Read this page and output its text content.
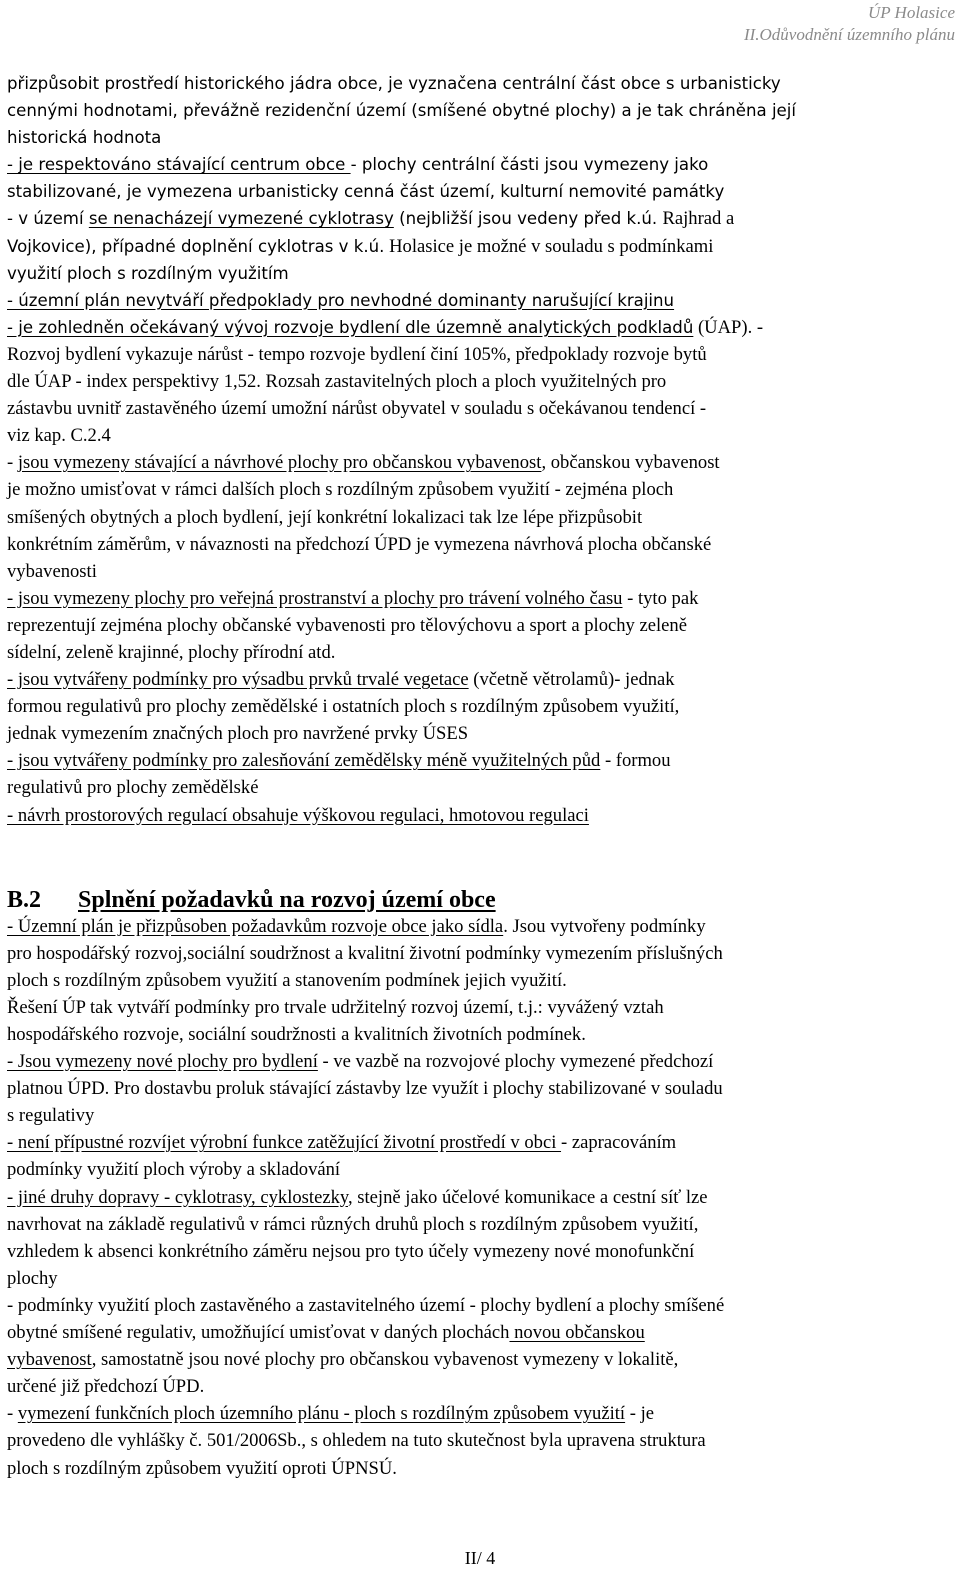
ÚP Holasice
II.Odůvodnění územního plánu
přizpůsobit prostředí historického jádra obce, je vyznačena centrální část obce s urbanisticky
cennými hodnotami, převážně rezidenční území (smíšené obytné plochy) a je tak chráněna její
historická hodnota
- je respektováno stávající centrum obce - plochy centrální části jsou vymezeny jako
stabilizované, je vymezena urbanisticky cenná část území, kulturní nemovité památky
- v území se nenacházejí vymezené cyklotrasy (nejbližší jsou vedeny před k.ú. Rajhrad a
Vojkovice), případné doplnění cyklotras v k.ú. Holasice je možné v souladu s podmínkami
využití ploch s rozdílným využitím
- územní plán nevytváří předpoklady pro nevhodné dominanty narušující krajinu
- je zohledněn očekávaný vývoj rozvoje bydlení dle územně analytických podkladů (ÚAP). -
Rozvoj bydlení vykazuje nárůst - tempo rozvoje bydlení činí 105%, předpoklady rozvoje bytů
dle ÚAP - index perspektivy 1,52. Rozsah zastavitelných ploch a ploch využitelných pro
zástavbu uvnitř zastavěného území umožní nárůst obyvatel v souladu s očekávanou tendencí -
viz kap. C.2.4
- jsou vymezeny stávající a návrhové plochy pro občanskou vybavenost, občanskou vybavenost
je možno umisťovat v rámci dalších ploch s rozdílným způsobem využití - zejména ploch
smíšených obytných a ploch bydlení, její konkrétní lokalizaci tak lze lépe přizpůsobit
konkrétním záměrům, v návaznosti na předchozí ÚPD je vymezena návrhová plocha občanské
vybavenosti
- jsou vymezeny plochy pro veřejná prostranství a plochy pro trávení volného času - tyto pak
reprezentují zejména plochy občanské vybavenosti pro tělovýchovu a sport a plochy zeleně
sídelní, zeleně krajinné, plochy přírodní atd.
- jsou vytvářeny podmínky pro výsadbu prvků trvalé vegetace (včetně větrolamů)- jednak
formou regulativů pro plochy zemědělské i ostatních ploch s rozdílným způsobem využití,
jednak vymezením značných ploch pro navržené prvky ÚSES
- jsou vytvářeny podmínky pro zalesňování zemědělsky méně využitelných půd - formou
regulativů pro plochy zemědělské
- návrh prostorových regulací obsahuje výškovou regulaci, hmotovou regulaci
B.2 Splnění požadavků na rozvoj území obce
- Územní plán je přizpůsoben požadavkům rozvoje obce jako sídla. Jsou vytvořeny podmínky
pro hospodářský rozvoj,sociální soudržnost a kvalitní životní podmínky vymezením příslušných
ploch s rozdílným způsobem využití a stanovením podmínek jejich využití.
Řešení ÚP tak vytváří podmínky pro trvale udržitelný rozvoj území, t.j.: vyvážený vztah
hospodářského rozvoje, sociální soudržnosti a kvalitních životních podmínek.
- Jsou vymezeny nové plochy pro bydlení - ve vazbě na rozvojové plochy vymezené předchozí
platnou ÚPD. Pro dostavbu proluk stávající zástavby lze využít i plochy stabilizované v souladu
s regulativy
- není přípustné rozvíjet výrobní funkce zatěžující životní prostředí v obci - zapracováním
podmínky využití ploch výroby a skladování
- jiné druhy dopravy - cyklotrasy, cyklostezky, stejně jako účelové komunikace a cestní síť lze
navrhovat na základě regulativů v rámci různých druhů ploch s rozdílným způsobem využití,
vzhledem k absenci konkrétního záměru nejsou pro tyto účely vymezeny nové monofunkční
plochy
- podmínky využití ploch zastavěného a zastavitelného území - plochy bydlení a plochy smíšené
obytné smíšené regulativ, umožňující umisťovat v daných plochách novou občanskou
vybavenost, samostatně jsou nové plochy pro občanskou vybavenost vymezeny v lokalitě,
určené již předchozí ÚPD.
- vymezení funkčních ploch územního plánu - ploch s rozdílným způsobem využití - je
provedeno dle vyhlášky č. 501/2006Sb., s ohledem na tuto skutečnost byla upravena struktura
ploch s rozdílným způsobem využití oproti ÚPNSÚ.
II/ 4
